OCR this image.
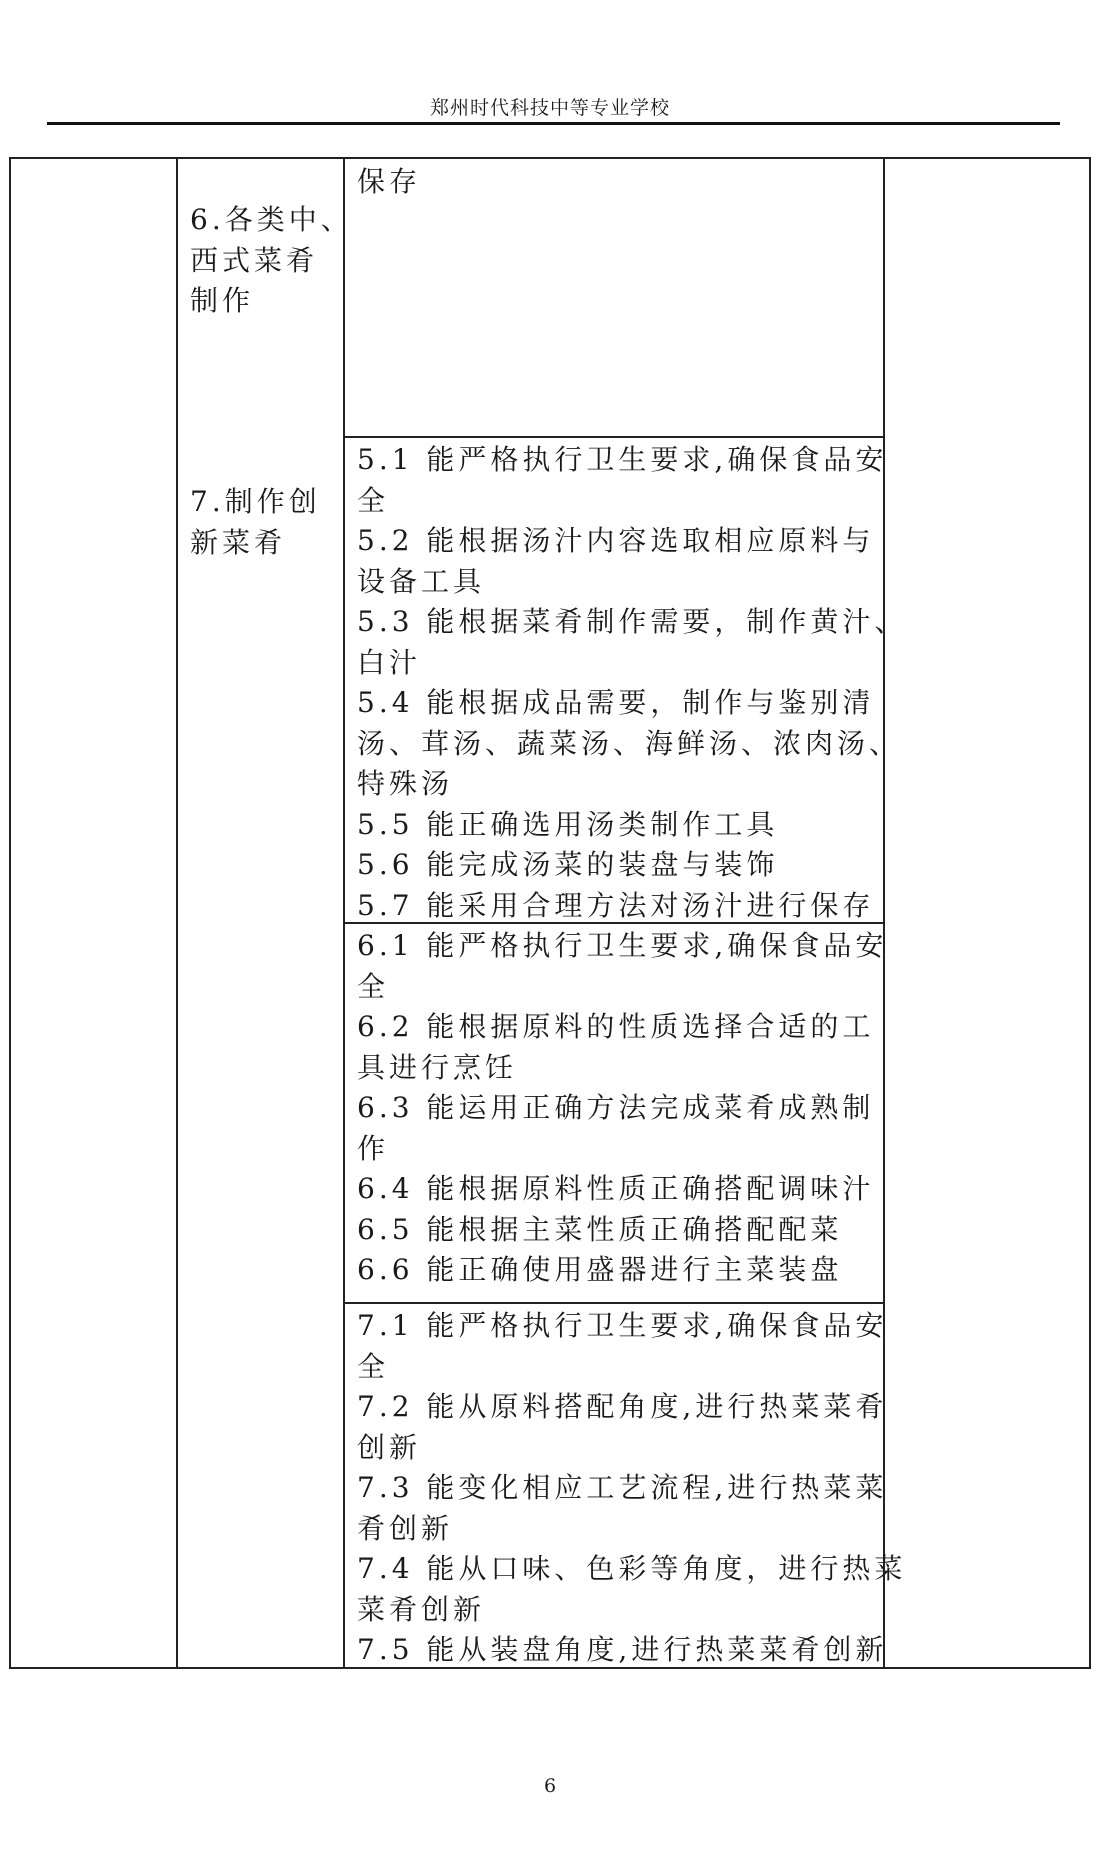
郑州时代科技中等专业学校
6.各类中、
西式菜肴
制作
7.制作创
新菜肴
保存
5.1 能严格执行卫生要求,确保食品安
全
5.2 能根据汤汁内容选取相应原料与
设备工具
5.3 能根据菜肴制作需要，制作黄汁、
白汁
5.4 能根据成品需要，制作与鉴别清
汤、茸汤、蔬菜汤、海鲜汤、浓肉汤、
特殊汤
5.5 能正确选用汤类制作工具
5.6 能完成汤菜的装盘与装饰
5.7 能采用合理方法对汤汁进行保存
6.1 能严格执行卫生要求,确保食品安
全
6.2 能根据原料的性质选择合适的工
具进行烹饪
6.3 能运用正确方法完成菜肴成熟制
作
6.4 能根据原料性质正确搭配调味汁
6.5 能根据主菜性质正确搭配配菜
6.6 能正确使用盛器进行主菜装盘
7.1 能严格执行卫生要求,确保食品安
全
7.2 能从原料搭配角度,进行热菜菜肴
创新
7.3 能变化相应工艺流程,进行热菜菜
肴创新
7.4 能从口味、色彩等角度，进行热菜
菜肴创新
7.5 能从装盘角度,进行热菜菜肴创新
6
